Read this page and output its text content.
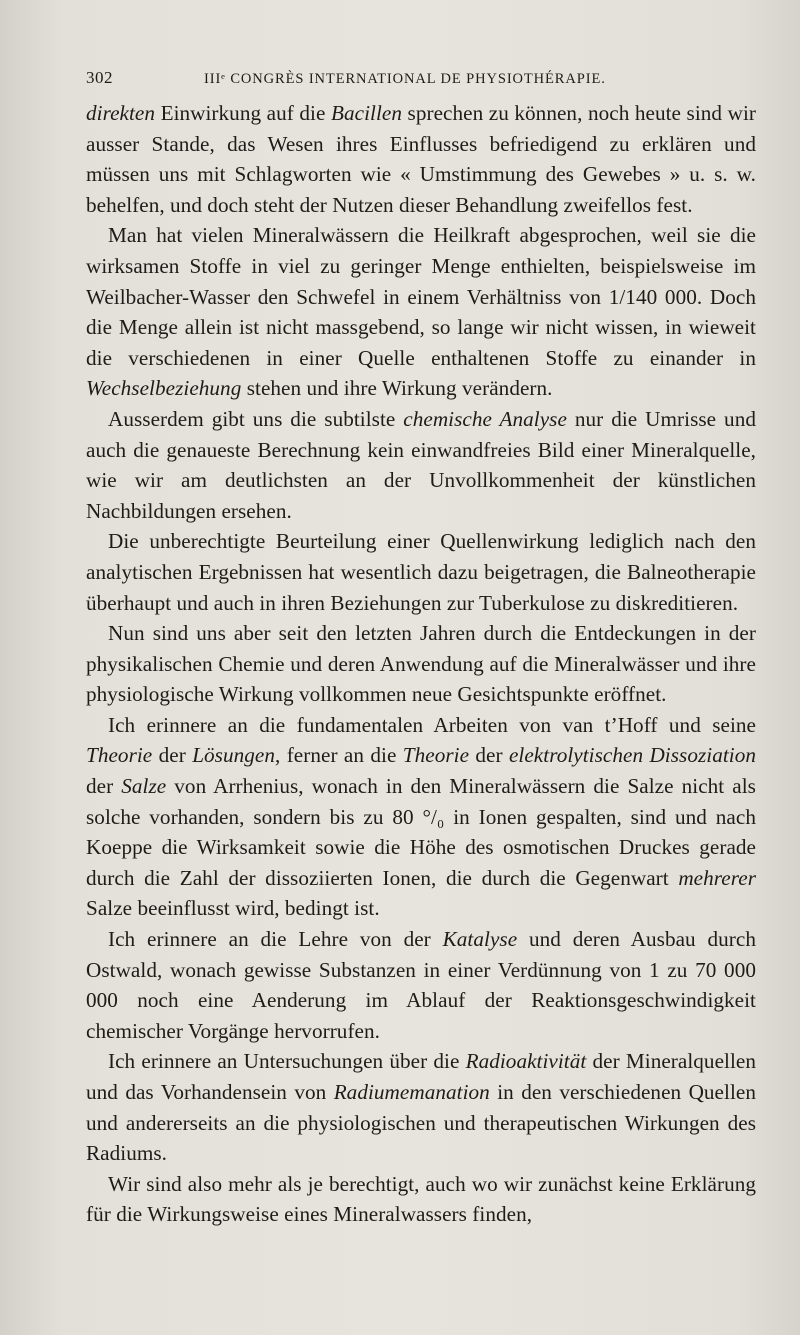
302	IIIᵉ CONGRÈS INTERNATIONAL DE PHYSIOTHÉRAPIE.

direkten Einwirkung auf die Bacillen sprechen zu können, noch heute sind wir ausser Stande, das Wesen ihres Einflusses befriedigend zu erklären und müssen uns mit Schlagworten wie « Umstimmung des Gewebes » u. s. w. behelfen, und doch steht der Nutzen dieser Behandlung zweifellos fest.

Man hat vielen Mineralwässern die Heilkraft abgesprochen, weil sie die wirksamen Stoffe in viel zu geringer Menge enthielten, beispielsweise im Weilbacher-Wasser den Schwefel in einem Verhältniss von 1/140 000. Doch die Menge allein ist nicht massgebend, so lange wir nicht wissen, in wieweit die verschiedenen in einer Quelle enthaltenen Stoffe zu einander in Wechselbeziehung stehen und ihre Wirkung verändern.

Ausserdem gibt uns die subtilste chemische Analyse nur die Umrisse und auch die genaueste Berechnung kein einwandfreies Bild einer Mineralquelle, wie wir am deutlichsten an der Unvollkommenheit der künstlichen Nachbildungen ersehen.

Die unberechtigte Beurteilung einer Quellenwirkung lediglich nach den analytischen Ergebnissen hat wesentlich dazu beigetragen, die Balneotherapie überhaupt und auch in ihren Beziehungen zur Tuberkulose zu diskreditieren.

Nun sind uns aber seit den letzten Jahren durch die Entdeckungen in der physikalischen Chemie und deren Anwendung auf die Mineralwässer und ihre physiologische Wirkung vollkommen neue Gesichtspunkte eröffnet.

Ich erinnere an die fundamentalen Arbeiten von van t’Hoff und seine Theorie der Lösungen, ferner an die Theorie der elektrolytischen Dissoziation der Salze von Arrhenius, wonach in den Mineralwässern die Salze nicht als solche vorhanden, sondern bis zu 80 °/₀ in Ionen gespalten, sind und nach Koeppe die Wirksamkeit sowie die Höhe des osmotischen Druckes gerade durch die Zahl der dissoziierten Ionen, die durch die Gegenwart mehrerer Salze beeinflusst wird, bedingt ist.

Ich erinnere an die Lehre von der Katalyse und deren Ausbau durch Ostwald, wonach gewisse Substanzen in einer Verdünnung von 1 zu 70 000 000 noch eine Aenderung im Ablauf der Reaktionsgeschwindigkeit chemischer Vorgänge hervorrufen.

Ich erinnere an Untersuchungen über die Radioaktivität der Mineralquellen und das Vorhandensein von Radiumemanation in den verschiedenen Quellen und andererseits an die physiologischen und therapeutischen Wirkungen des Radiums.

Wir sind also mehr als je berechtigt, auch wo wir zunächst keine Erklärung für die Wirkungsweise eines Mineralwassers finden,
